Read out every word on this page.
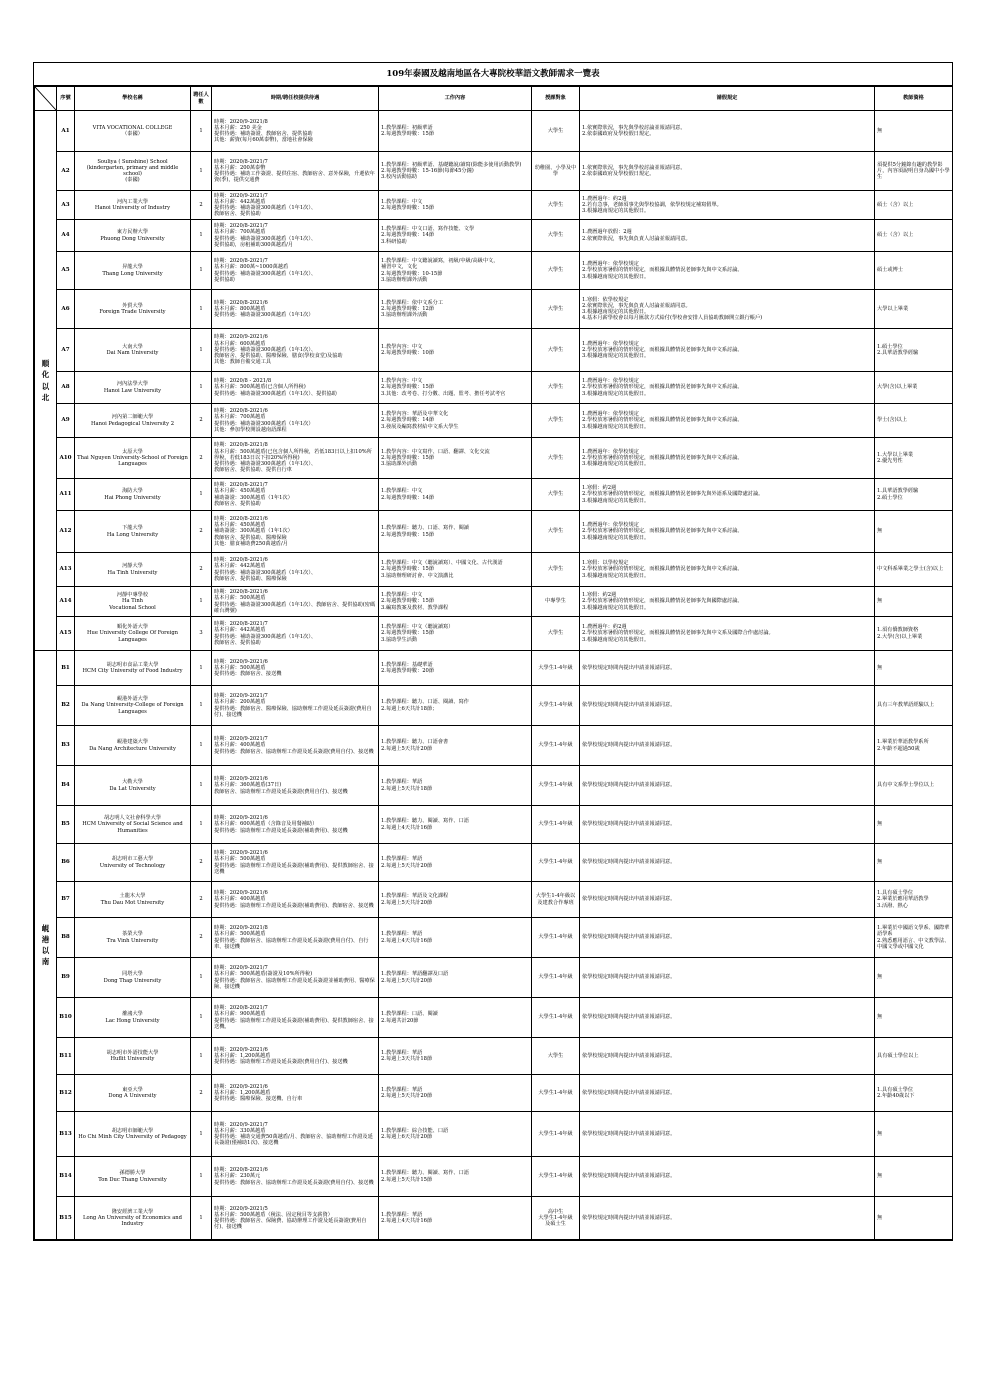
109年泰國及越南地區各大專院校華語文教師需求一覽表
	序號	學校名稱	聘任人數	時期/聘任校提供待遇	工作內容	授課對象	請假規定	教師資格

順
化
以
北	A1	VITA VOCATIONAL COLLEGE
（泰國）	1	時期：2020/9-2021/8
基本月薪：250 美金
提供待遇：補助簽證、教師宿舍、提供協助
其他：薪資(每月60萬泰幣)，當地社會保險	1.教學課程：初級華語
2.每週教學時數：15節	大學生	1.依實際狀況，事先與學校討論並報請同意。
2.依泰國政府及學校假日規定。	無

	A2	Souliya ( Sunshine) School
(kindergarten, primary and middle school)
(泰國)	1	時期：2020/8-2021/7
基本月薪：200萬泰幣
提供待遇：補助工作簽證、提供住宿、教師宿舍、意外保險，升遷依年資(季)，提供交通費	1.教學課程：初級華語、基礎聽說/讀寫(除能多使用活動教學)
2.每週教學時數：15-16節(每節45分鐘)
3.校內活動協助	幼稚園、小學及中學	1.依實際狀況，事先與學校討論並報請同意。
2.依泰國政府及學校假日規定。	須提供5分鐘錄有趣的教學影片，內容須說明自身為國中小學生

	A3	河內工業大學
Hanoi University of Industry	2	時期：2020/9-2021/7
基本月薪：442萬越盾
提供待遇：補助簽證300萬越盾（1年1次）、
教師宿舍、提供協助	1.教學課程：中文
2.每週教學時數：15節	大學生	1.農曆過年：約2週
2.若有急事，老師須事先與學校協調，依學校規定補寫假單。
3.根據越南規定的其他假日。	碩士（含）以上

	A4	東方民辦大學
Phuong Dong University	1	時期：2020/8-2021/7
基本月薪：700萬越盾
提供待遇：補助簽證300萬越盾（1年1次）、
提供協助，房租補助300萬越盾/月	1.教學課程：中文口語、寫作技能、文學
2.每週教學時數：14節
3.科研協助	大學生	1.農曆過年放假：2週
2.依實際狀況，事先與負責人討論並報請同意。	碩士（含）以上

	A5	昇龍大學
Thang Long University	1	時期：2020/8-2021/7
基本月薪：800萬~1000萬越盾
提供待遇：補助簽證300萬越盾（1年1次）、
提供協助	1.教學課程：中文聽說讀寫，初級/中級/高級中文，
補習中文，文化
2.每週教學時數：10-15節
3.協助辦理課外活動	大學生	1.農曆過年：依學校規定
2.學校放寒暑假的情形規定，而根據具體情況老師事先與中文系討論。
3.根據越南規定的其他假日。	碩士或博士

	A6	外貿大學
Foreign Trade University	1	時期：2020/8-2021/6
基本月薪：800萬越盾
提供待遇：補助簽證300萬越盾（1年1次）	1.教學課程：依中文系分工
2.每週教學時數：12節
3.協助辦理課外活動	大學生	1.寒假：依學校規定
2.依實際狀況，事先與負責人討論並報請同意。
3.根據越南規定的其他假日。
4.基本月薪學校會以每月匯款方式給付(學校會安排人員協助教師開立銀行帳戶)	大學以上畢業

	A7	大南大學
Dai Nam University	1	時期：2020/9-2021/6
基本月薪：600萬越盾
提供待遇：補助簽證300萬越盾（1年1次）、
教師宿舍、提供協助、醫療保險、膳食(學校食堂)及協助
其他：教師自備交通工具	1.教學內容：中文
2.每週教學時數：10節	大學生	1.農曆過年：依學校規定
2.學校放寒暑假的情形規定，而根據具體情況老師事先與中文系討論。
3.根據越南規定的其他假日。	1.碩士學位
2.具華語教學經驗

	A8	河內法學大學
Hanoi Law University	1	時期：2020/8 - 2021/8
基本月薪：500萬越盾(已含個人所得稅)
提供待遇：補助簽證300萬越盾（1年1次）、提供協助	1.教學內容：中文
2.每週教學時數：15節
3.其他：改考卷、打分數、出題、監考、擔任考試考官	大學生	1.農曆過年：依學校規定
2.學校放寒暑假的情形規定，而根據具體情況老師事先與中文系討論。
3.根據越南規定的其他假日。	大學(含)以上畢業

	A9	河內第二師範大學
Hanoi Pedagogical University 2	2	時期：2020/8-2021/6
基本月薪：700萬越盾
提供待遇：補助簽證300萬越盾（1年1次）
其他：參加學校開設越南語課程	1.教學內容：華語及中華文化
2.每週教學時數：14節
3.發展及編寫教材給中文系大學生	大學生	1.農曆過年：依學校規定
2.學校放寒暑假的情形規定，而根據具體情況老師事先與中文系討論。
3.根據越南規定的其他假日。	學士(含)以上

	A10	太原大學
Thai Nguyen University-School of Foreign Languages	2	時期：2020/8-2021/8
基本月薪：500萬越盾(已包含個人所得稅，若低183日以上扣10%所得稅，若低183日以下扣20%所得稅)
提供待遇：補助簽證300萬越盾（1年1次）、
教師宿舍、提供協助、提供自行車	1.教學內容：中文寫作、口語、翻譯、文化交流
2.每週教學時數：15節
3.協助課外活動	大學生	1.農曆過年：依學校規定
2.學校放寒暑假的情形規定，而根據具體情況老師事先與中文系討論。
3.根據越南規定的其他假日。	1.大學以上畢業
2.優先男性

	A11	海防大學
Hai Phong University	1	時期：2020/8-2021/7
基本月薪：450萬越盾
補助簽證：300萬越盾（1年1次）
教師宿舍、提供協助	1.教學課程：中文
2.每週教學時數：14節	大學生	1.寒假：約2週
2.學校放寒暑假的情形規定，而根據具體情況老師事先與外語系及國際處討論。
3.根據越南規定的其他假日。	1.具華語教學經驗
2.碩士學位

	A12	下龍大學
Ha Long University	2	時期：2020/8-2021/6
基本月薪：450萬越盾
補助簽證：300萬越盾（1年1次）
教師宿舍、提供協助、醫療保險
其他：膳食補助費250萬越盾/月	1.教學課程：聽力、口語、寫作、閱讀
2.每週教學時數：15節	大學生	1.農曆過年：依學校規定
2.學校放寒暑假的情形規定，而根據具體情況老師事先與中文系討論。
3.根據越南規定的其他假日。	無

	A13	河靜大學
Ha Tinh University	2	時期：2020/8-2021/6
基本月薪：442萬越盾
提供待遇：補助簽證300萬越盾（1年1次）、
教師宿舍、提供協助、醫療保險	1.教學課程：中文（聽說讀寫）、中國文化、古代漢語
2.每週教學時數：15節
3.協助辦理研討會、中文演講比	大學生	1.寒假：以學校規定
2.學校放寒暑假的情形規定，而根據具體情況老師事先與中文系討論。
3.根據越南規定的其他假日。	中文科系畢業之學士(含)以上

	A14	河靜中專學校
Ha Tinh
Vocational School	1	時期：2020/8-2021/6
基本月薪：500萬越盾
提供待遇：補助簽證300萬越盾（1年1次）、教師宿舍、提供協助(密碼確台灣號)	1.教學課程：中文
2.每週教學時數：15節
3.編寫教案及教材、教學課程	中專學生	1.寒假：約2週
2.學校放寒暑假的情形規定，而根據具體情況老師事先與國際處討論。
3.根據越南規定的其他假日。	無

	A15	順化外語大學
Hue University College Of Foreign Languages	3	時期：2020/8-2021/7
基本月薪：442萬越盾
提供待遇：補助簽證300萬越盾（1年1次）、
教師宿舍、提供協助	1.教學課程：中文（聽說讀寫）
2.每週教學時數：15節
3.協助學生活動	大學生	1.農曆過年：約2週
2.學校放寒暑假的情形規定，而根據具體情況老師事先與中文系及國際合作處討論。
3.根據越南規定的其他假日。	1.須有僑教師資格
2.大學(含)以上畢業

峴
港
以
南	B1	胡志明市食品工業大學
HCM City University of Food Industry	1	時期：2020/9-2021/6
基本月薪：500萬越盾
提供待遇：教師宿舍、接送機	1.教學課程：基礎華語
2.每週教學時數：20節	大學生1-4年級	依學校規定時間內提出申請並報請同意。	無

	B2	峴港外語大學
Da Nang University-College of Foreign Languages	1	時期：2020/9-2021/7
基本月薪：200萬越盾
提供待遇：教師宿舍、醫療保險、協助辦理工作證及延長簽證(費用自付)、接送機	1.教學課程：聽力、口語、閱讀、寫作
2.每週上6天共計18節；	大學生1-4年級	依學校規定時間內提出申請並報請同意。	具有三年教華語經驗以上

	B3	峴港建築大學
Da Nang Architecture University	1	時期：2020/9-2021/7
基本月薪：400萬越盾
提供待遇：教師宿舍、協助辦理工作證及延長簽證(費用自付)、接送機	1.教學課程：聽力、口語會書
2.每週上5天共計20節	大學生1-4年級	依學校規定時間內提出申請並報請同意。	1.畢業於華語教學系所
2.年齡不超過50歲

	B4	大勒大學
Da Lat University	1	時期：2020/9-2021/6
基本月薪：360萬越盾(37日)
教師宿舍、協助辦理工作證及延長簽證(費用自付)、接送機	1.教學課程：華語
2.每週上5天共計18節	大學生1-4年級	依學校規定時間內提出申請並報請同意。	具有中文系學士學位以上

	B5	胡志明人文社會科學大學
HCM University of Social Science and Humanities	1	時期：2020/9-2021/6
基本月薪：600萬越盾（含錄音及用餐補助）
提供待遇：協助辦理工作證及延長簽證(補助費用)、接送機	1.教學課程：聽力、閱讀、寫作、口語
2.每週上4天共計16節	大學生1-4年級	依學校規定時間內提出申請並報請同意。	無

	B6	胡志明市工藝大學
University of Technology	2	時期：2020/9-2021/6
基本月薪：500萬越盾
提供待遇：協助辦理工作證及延長簽證(補助費用)、提供教師宿舍、接送機	1.教學課程：華語
2.每週上5天共計20節	大學生1-4年級	依學校規定時間內提出申請並報請同意。	無

	B7	土龍木大學
Thu Dau Mot University	2	時期：2020/9-2021/6
基本月薪：400萬越盾
提供待遇：協助辦理工作證及延長簽證(補助費用)、教師宿舍、接送機	1.教學課程：華語及文化課程
2.每週上5天共計20節	大學生1-4年級以及建教合作專班	依學校規定時間內提出申請並報請同意。	1.具有碩士學位
2.畢業於應用華語教學
3.活潑、熱心

	B8	茶榮大學
Tra Vinh University	2	時期：2020/9-2021/8
基本月薪：500萬越盾
提供待遇：教師宿舍、協助辦理工作證及延長簽證(費用自付)、自行車、接送機	1.教學課程：華語
2.每週上4天共計16節	大學生1-4年級	依學校規定時間內提出申請並報請同意。	1.畢業於中國語文學系、國際華語學系
2.熟悉應用語言、中文教學法、中國文學或中國文化

	B9	同塔大學
Dong Thap University	1	時期：2020/9-2021/7
基本月薪：500萬越盾(簽證及10%所得稅)
提供待遇：教師宿舍、協助辦理工作證及延長簽證並補助費用、醫療保險、接送機	1.教學課程：華語翻譯及口語
2.每週上5天共計20節	大學生1-4年級	依學校規定時間內提出申請並報請同意。	無

	B10	雒鴻大學
Lac Hong University	1	時期：2020/8-2021/7
基本月薪：900萬越盾
提供待遇：協助辦理工作證及延長簽證(補助費用)、提供教師宿舍、接送機。	1.教學課程：口語、閱讀
2.每週共計20節	大學生1-4年級	依學校規定時間內提出申請並報請同意。	無

	B11	胡志明市外語技能大學
Huflit University	1	時期：2020/9-2021/6
基本月薪：1,200萬越盾
提供待遇：協助辦理工作證及延長簽證(費用自付)、接送機	1.教學課程：華語
2.每週上3天共計18節	大學生	依學校規定時間內提出申請並報請同意。	具有碩士學位以上

	B12	東亞大學
Dong A University	2	時期：2020/9-2021/6
基本月薪：1,200萬越盾
提供待遇：醫療保險、接送機、自行車	1.教學課程：華語
2.每週上5天共計20節	大學生1-4年級	依學校規定時間內提出申請並報請同意。	1.具有碩士學位
2.年齡40歲以下

	B13	胡志明市師範大學
Ho Chi Minh City University of Pedagogy	1	時期：2020/9-2021/7
基本月薪：330萬越盾
提供待遇：補助交通費50萬越盾/月、教師宿舍、協助辦理工作證及延長簽證(僅補助1次)、接送機	1.教學課程：綜合技能、口語
2.每週上6天共計20節	大學生1-4年級	依學校規定時間內提出申請並報請同意。	無

	B14	孫德勝大學
Ton Duc Thang University	1	時期：2020/8-2021/6
基本月薪：230萬元
提供待遇：教師宿舍、協助辦理工作證及延長簽證(費用自付)、接送機	1.教學課程：聽力、閱讀、寫作、口語
2.每週上5天共計15節	大學生1-4年級	依學校規定時間內提出申請並報請同意。	無

	B15	隆安經濟工業大學
Long An University of Economics and Industry	1	時期：2020/9-2021/5
基本月薪：500萬越盾（稅法、固定稅目等支薪資）
提供待遇：教師宿舍、保險費、協助辦理工作證及延長簽證(費用自付)、接送機	1.教學課程：華語
2.每週上4天共計16節	高中生
大學生1-4年級
及碩士生	依學校規定時間內提出申請並報請同意。	無
